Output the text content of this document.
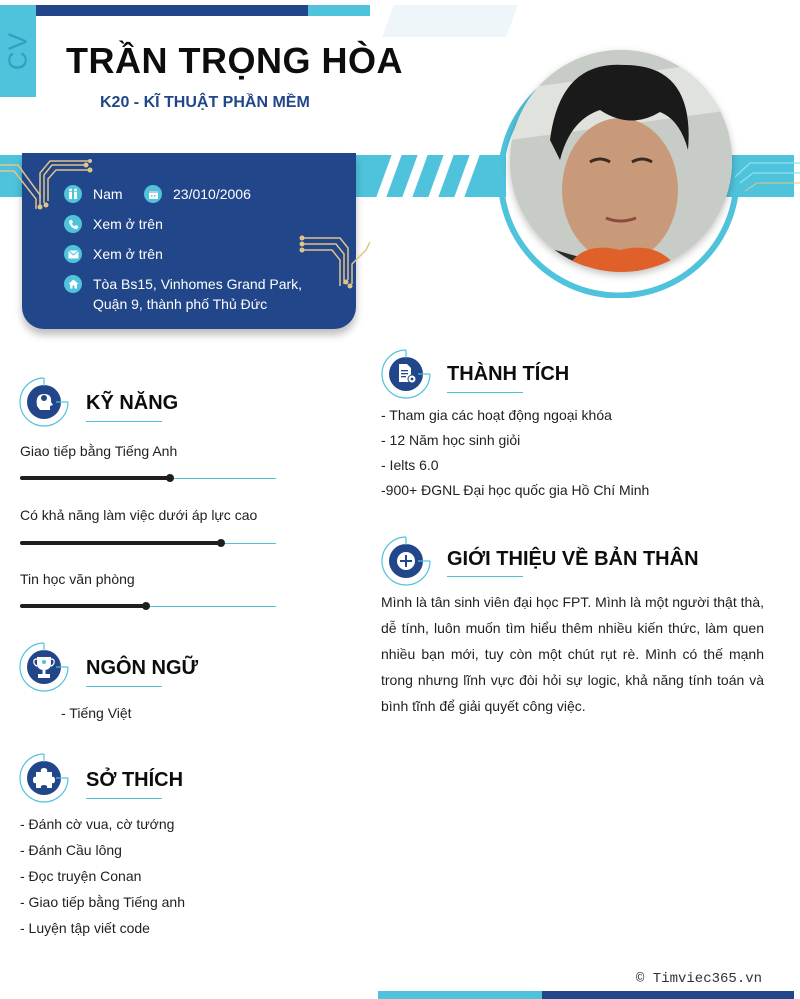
CV TRẦN TRỌNG HÒA
K20 - KĨ THUẬT PHẦN MỀM
Nam	23/010/2006
Xem ở trên
Xem ở trên
Tòa Bs15, Vinhomes Grand Park,
Quận 9, thành phố Thủ Đức
KỸ NĂNG
Giao tiếp bằng Tiếng Anh
Có khả năng làm việc dưới áp lực cao
Tin học văn phòng
NGÔN NGỮ
- Tiếng Việt
SỞ THÍCH
- Đánh cờ vua, cờ tướng
- Đánh Cầu lông
- Đọc truyện Conan
- Giao tiếp bằng Tiếng anh
- Luyện tập viết code
THÀNH TÍCH
- Tham gia các hoạt động ngoại khóa
- 12 Năm học sinh giỏi
- Ielts 6.0
-900+ ĐGNL Đại học quốc gia Hồ Chí Minh
GIỚI THIỆU VỀ BẢN THÂN
Mình là tân sinh viên đại học FPT. Mình là một người thật thà, dễ tính, luôn muốn tìm hiểu thêm nhiều kiến thức, làm quen nhiều bạn mới, tuy còn một chút rụt rè. Mình có thế mạnh trong nhưng lĩnh vực đòi hỏi sự logic, khả năng tính toán và bình tĩnh để giải quyết công việc.
© Timviec365.vn
